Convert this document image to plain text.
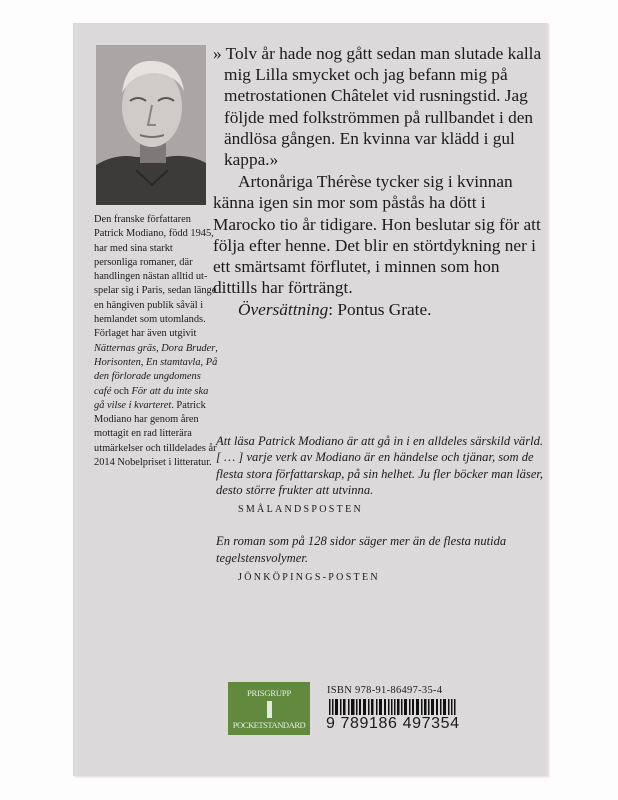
Den franske författaren Patrick Modiano, född 1945, har med sina starkt personliga romaner, där handlingen nästan alltid utspelar sig i Paris, sedan länge en hängiven publik såväl i hemlandet som utomlands. Förlaget har även utgivit Nätternas gräs, Dora Bruder, Horisonten, En stamtavla, På den förlorade ungdomens café och För att du inte ska gå vilse i kvarteret. Patrick Modiano har genom åren mottagit en rad litterära utmärkelser och tilldelades år 2014 Nobelpriset i litteratur.

» Tolv år hade nog gått sedan man slutade kalla mig Lilla smycket och jag befann mig på metrostationen Châtelet vid rusningstid. Jag följde med folkströmmen på rullbandet i den ändlösa gången. En kvinna var klädd i gul kappa.»

Artonåriga Thérèse tycker sig i kvinnan känna igen sin mor som påstås ha dött i Marocko tio år tidigare. Hon beslutar sig för att följa efter henne. Det blir en störtdykning ner i ett smärtsamt förflutet, i minnen som hon dittills har förträngt.

Översättning: Pontus Grate.

Att läsa Patrick Modiano är att gå in i en alldeles särskild värld. [ … ] varje verk av Modiano är en händelse och tjänar, som de flesta stora författarskap, på sin helhet. Ju fler böcker man läser, desto större frukter att utvinna.
SMÅLANDSPOSTEN
En roman som på 128 sidor säger mer än de flesta nutida tegelstensvolymer.
JÖNKÖPINGS-POSTEN
PRISGRUPP
POCKETSTANDARD
ISBN 978-91-86497-35-4
9 789186 497354
